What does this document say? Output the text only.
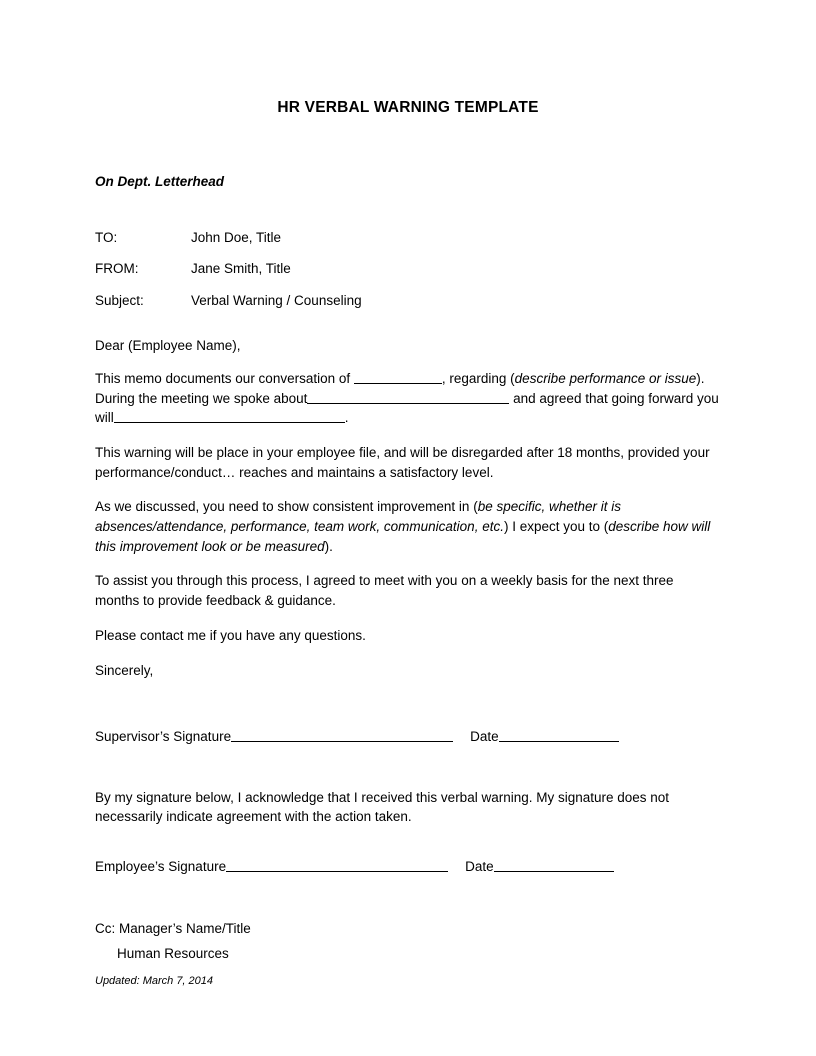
HR VERBAL WARNING TEMPLATE

On Dept. Letterhead

TO:	John Doe, Title
FROM:	Jane Smith, Title
Subject:	Verbal Warning / Counseling

Dear (Employee Name),

This memo documents our conversation of	, regarding (describe performance or issue). During the meeting we spoke about	and agreed that going forward you will	.

This warning will be place in your employee file, and will be disregarded after 18 months, provided your performance/conduct… reaches and maintains a satisfactory level.

As we discussed, you need to show consistent improvement in (be specific, whether it is absences/attendance, performance, team work, communication, etc.) I expect you to (describe how will this improvement look or be measured).

To assist you through this process, I agreed to meet with you on a weekly basis for the next three months to provide feedback & guidance.

Please contact me if you have any questions.

Sincerely,

Supervisor’s Signature	Date

By my signature below, I acknowledge that I received this verbal warning. My signature does not necessarily indicate agreement with the action taken.

Employee’s Signature	Date

Cc: Manager’s Name/Title

Human Resources

Updated: March 7, 2014
